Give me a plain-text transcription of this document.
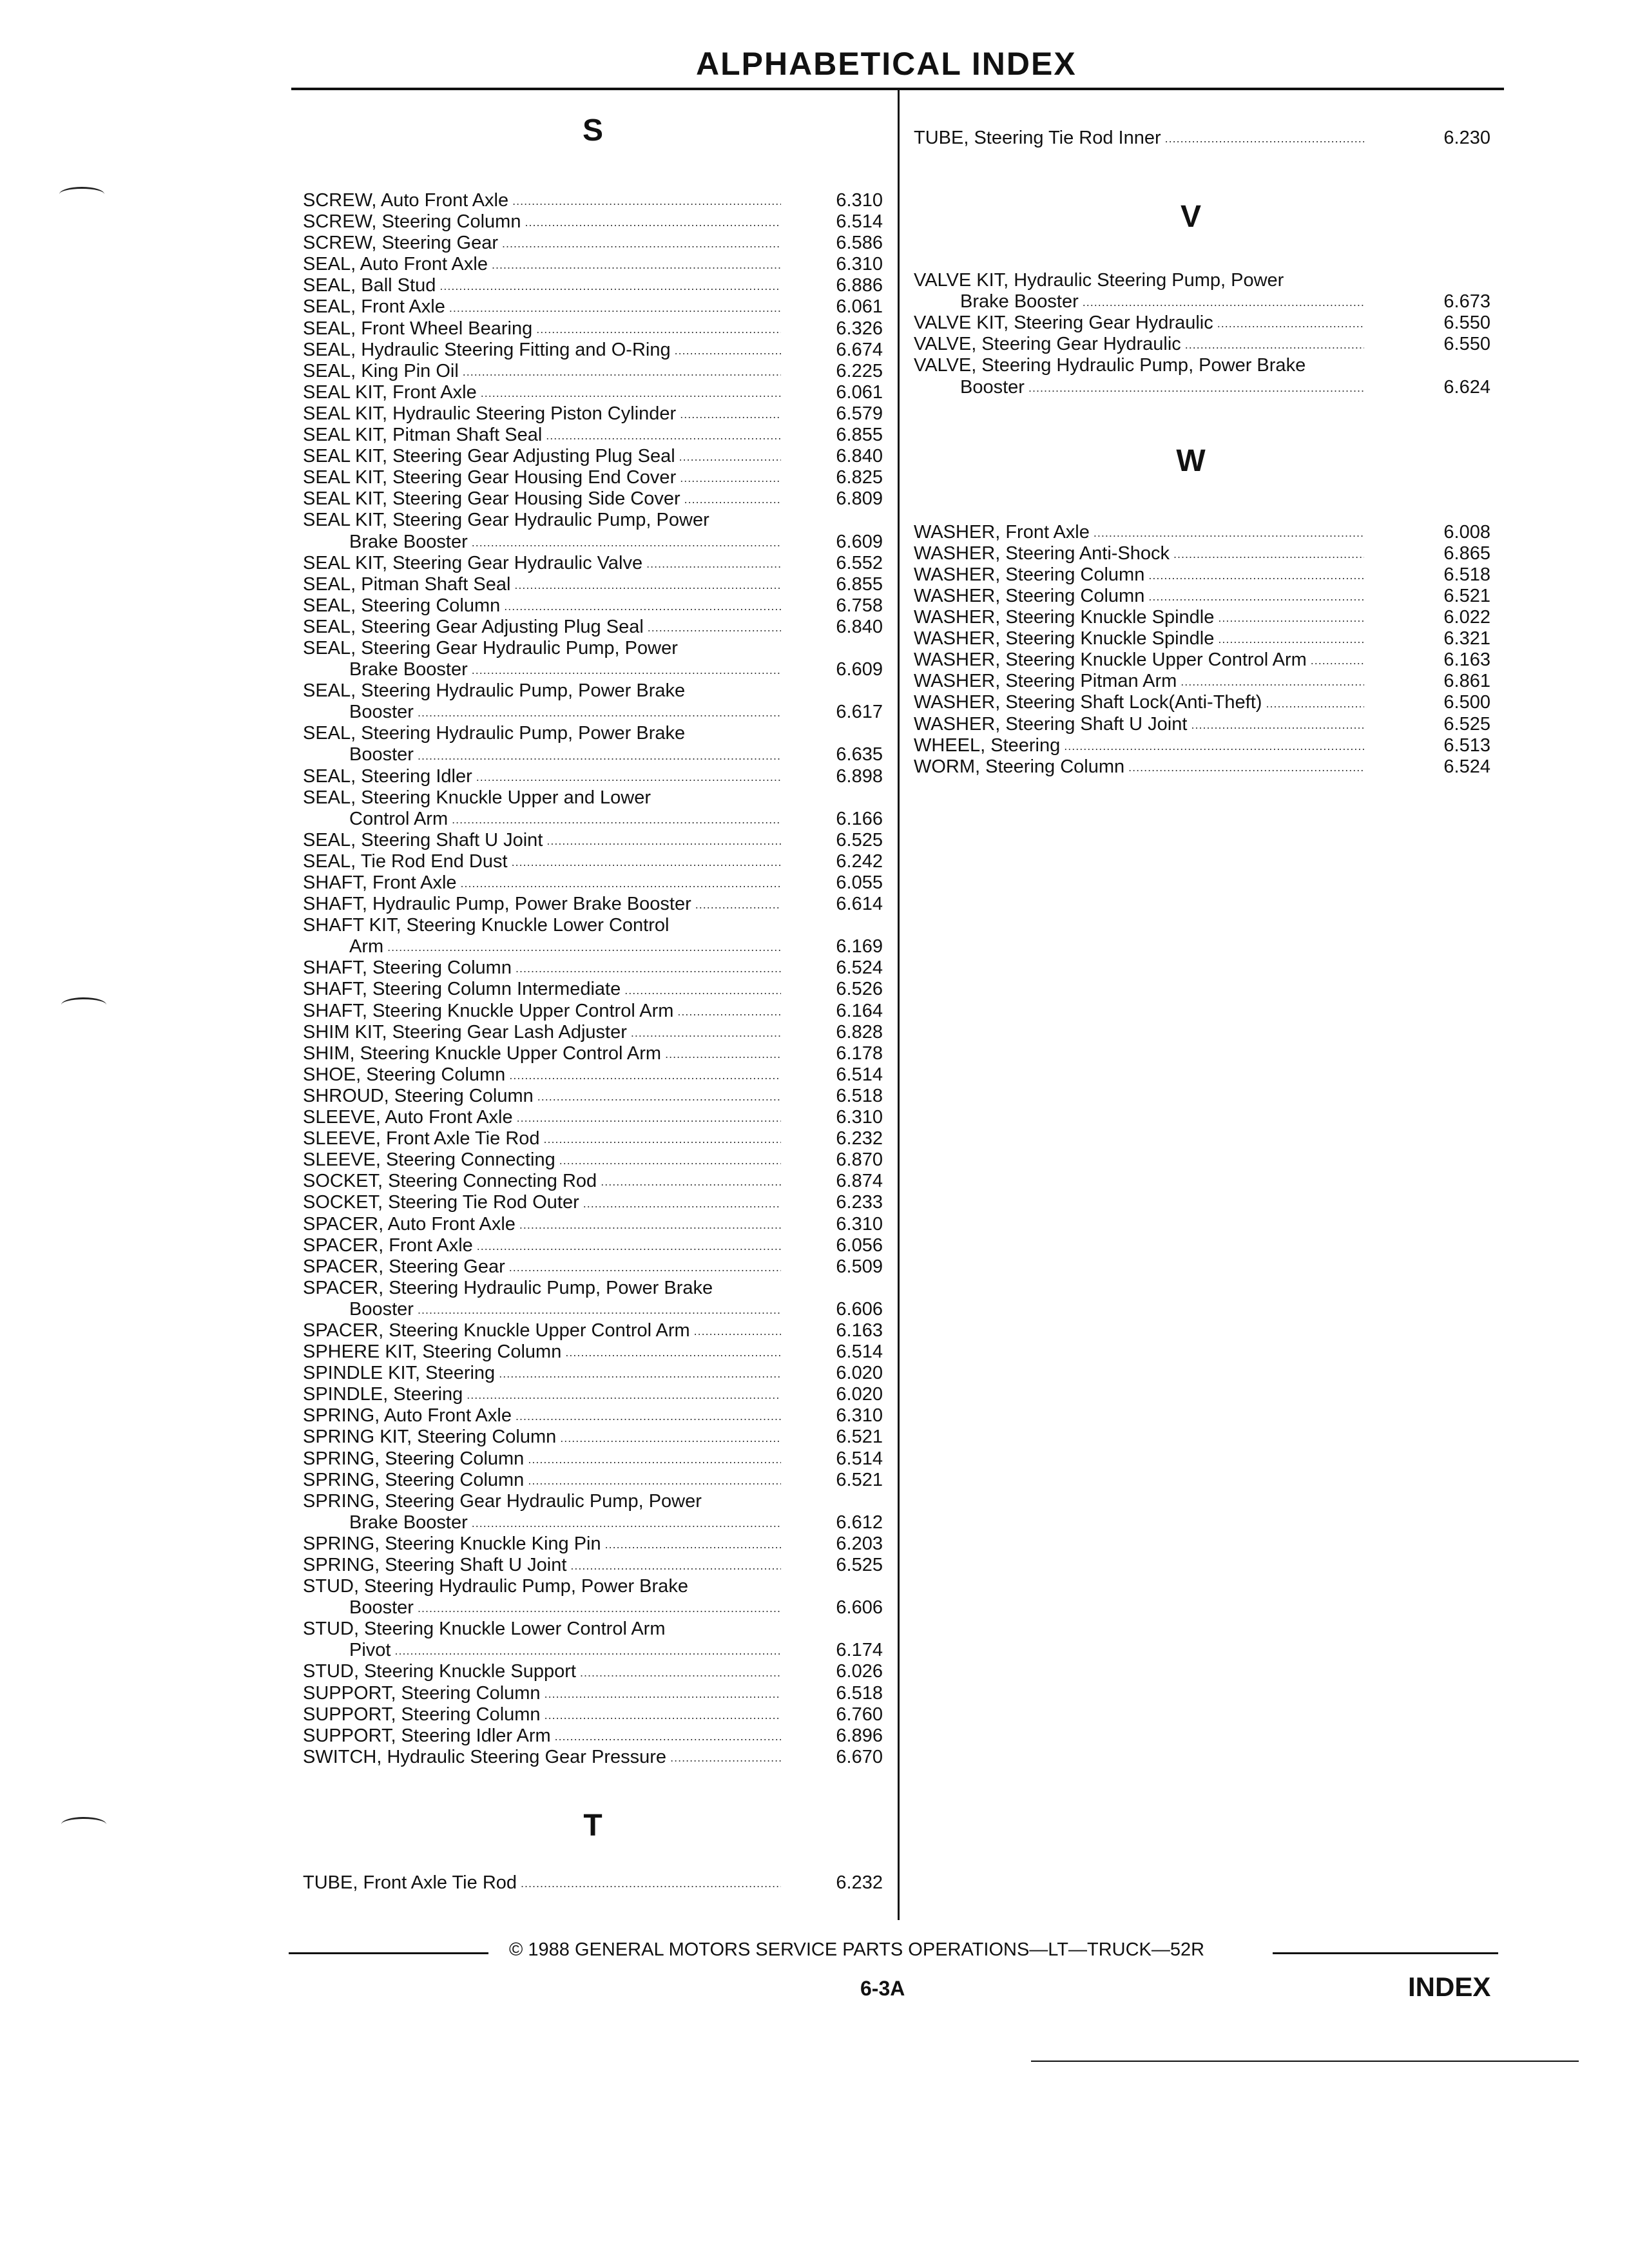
ALPHABETICAL INDEX
S
SCREW, Auto Front Axle .....	6.310
SCREW, Steering Column .....	6.514
SCREW, Steering Gear .....	6.586
SEAL, Auto Front Axle .....	6.310
SEAL, Ball Stud .....	6.886
SEAL, Front Axle .....	6.061
SEAL, Front Wheel Bearing .....	6.326
SEAL, Hydraulic Steering Fitting and O-Ring .....	6.674
SEAL, King Pin Oil .....	6.225
SEAL KIT, Front Axle .....	6.061
SEAL KIT, Hydraulic Steering Piston Cylinder .....	6.579
SEAL KIT, Pitman Shaft Seal .....	6.855
SEAL KIT, Steering Gear Adjusting Plug Seal .....	6.840
SEAL KIT, Steering Gear Housing End Cover .....	6.825
SEAL KIT, Steering Gear Housing Side Cover .....	6.809
SEAL KIT, Steering Gear Hydraulic Pump, Power
Brake Booster .....	6.609
SEAL KIT, Steering Gear Hydraulic Valve .....	6.552
SEAL, Pitman Shaft Seal .....	6.855
SEAL, Steering Column .....	6.758
SEAL, Steering Gear Adjusting Plug Seal .....	6.840
SEAL, Steering Gear Hydraulic Pump, Power
Brake Booster .....	6.609
SEAL, Steering Hydraulic Pump, Power Brake
Booster .....	6.617
SEAL, Steering Hydraulic Pump, Power Brake
Booster .....	6.635
SEAL, Steering Idler .....	6.898
SEAL, Steering Knuckle Upper and Lower
Control Arm .....	6.166
SEAL, Steering Shaft U Joint .....	6.525
SEAL, Tie Rod End Dust .....	6.242
SHAFT, Front Axle .....	6.055
SHAFT, Hydraulic Pump, Power Brake Booster .....	6.614
SHAFT KIT, Steering Knuckle Lower Control
Arm .....	6.169
SHAFT, Steering Column .....	6.524
SHAFT, Steering Column Intermediate .....	6.526
SHAFT, Steering Knuckle Upper Control Arm .....	6.164
SHIM KIT, Steering Gear Lash Adjuster .....	6.828
SHIM, Steering Knuckle Upper Control Arm .....	6.178
SHOE, Steering Column .....	6.514
SHROUD, Steering Column .....	6.518
SLEEVE, Auto Front Axle .....	6.310
SLEEVE, Front Axle Tie Rod .....	6.232
SLEEVE, Steering Connecting .....	6.870
SOCKET, Steering Connecting Rod .....	6.874
SOCKET, Steering Tie Rod Outer .....	6.233
SPACER, Auto Front Axle .....	6.310
SPACER, Front Axle .....	6.056
SPACER, Steering Gear .....	6.509
SPACER, Steering Hydraulic Pump, Power Brake
Booster .....	6.606
SPACER, Steering Knuckle Upper Control Arm .....	6.163
SPHERE KIT, Steering Column .....	6.514
SPINDLE KIT, Steering .....	6.020
SPINDLE, Steering .....	6.020
SPRING, Auto Front Axle .....	6.310
SPRING KIT, Steering Column .....	6.521
SPRING, Steering Column .....	6.514
SPRING, Steering Column .....	6.521
SPRING, Steering Gear Hydraulic Pump, Power
Brake Booster .....	6.612
SPRING, Steering Knuckle King Pin .....	6.203
SPRING, Steering Shaft U Joint .....	6.525
STUD, Steering Hydraulic Pump, Power Brake
Booster .....	6.606
STUD, Steering Knuckle Lower Control Arm
Pivot .....	6.174
STUD, Steering Knuckle Support .....	6.026
SUPPORT, Steering Column .....	6.518
SUPPORT, Steering Column .....	6.760
SUPPORT, Steering Idler Arm .....	6.896
SWITCH, Hydraulic Steering Gear Pressure .....	6.670
T
TUBE, Front Axle Tie Rod .....	6.232
TUBE, Steering Tie Rod Inner .....	6.230
V
VALVE KIT, Hydraulic Steering Pump, Power
Brake Booster .....	6.673
VALVE KIT, Steering Gear Hydraulic .....	6.550
VALVE, Steering Gear Hydraulic .....	6.550
VALVE, Steering Hydraulic Pump, Power Brake
Booster .....	6.624
W
WASHER, Front Axle .....	6.008
WASHER, Steering Anti-Shock .....	6.865
WASHER, Steering Column .....	6.518
WASHER, Steering Column .....	6.521
WASHER, Steering Knuckle Spindle .....	6.022
WASHER, Steering Knuckle Spindle .....	6.321
WASHER, Steering Knuckle Upper Control Arm .....	6.163
WASHER, Steering Pitman Arm .....	6.861
WASHER, Steering Shaft Lock(Anti-Theft) .....	6.500
WASHER, Steering Shaft U Joint .....	6.525
WHEEL, Steering .....	6.513
WORM, Steering Column .....	6.524
© 1988 GENERAL MOTORS SERVICE PARTS OPERATIONS—LT—TRUCK—52R
6-3A	INDEX
